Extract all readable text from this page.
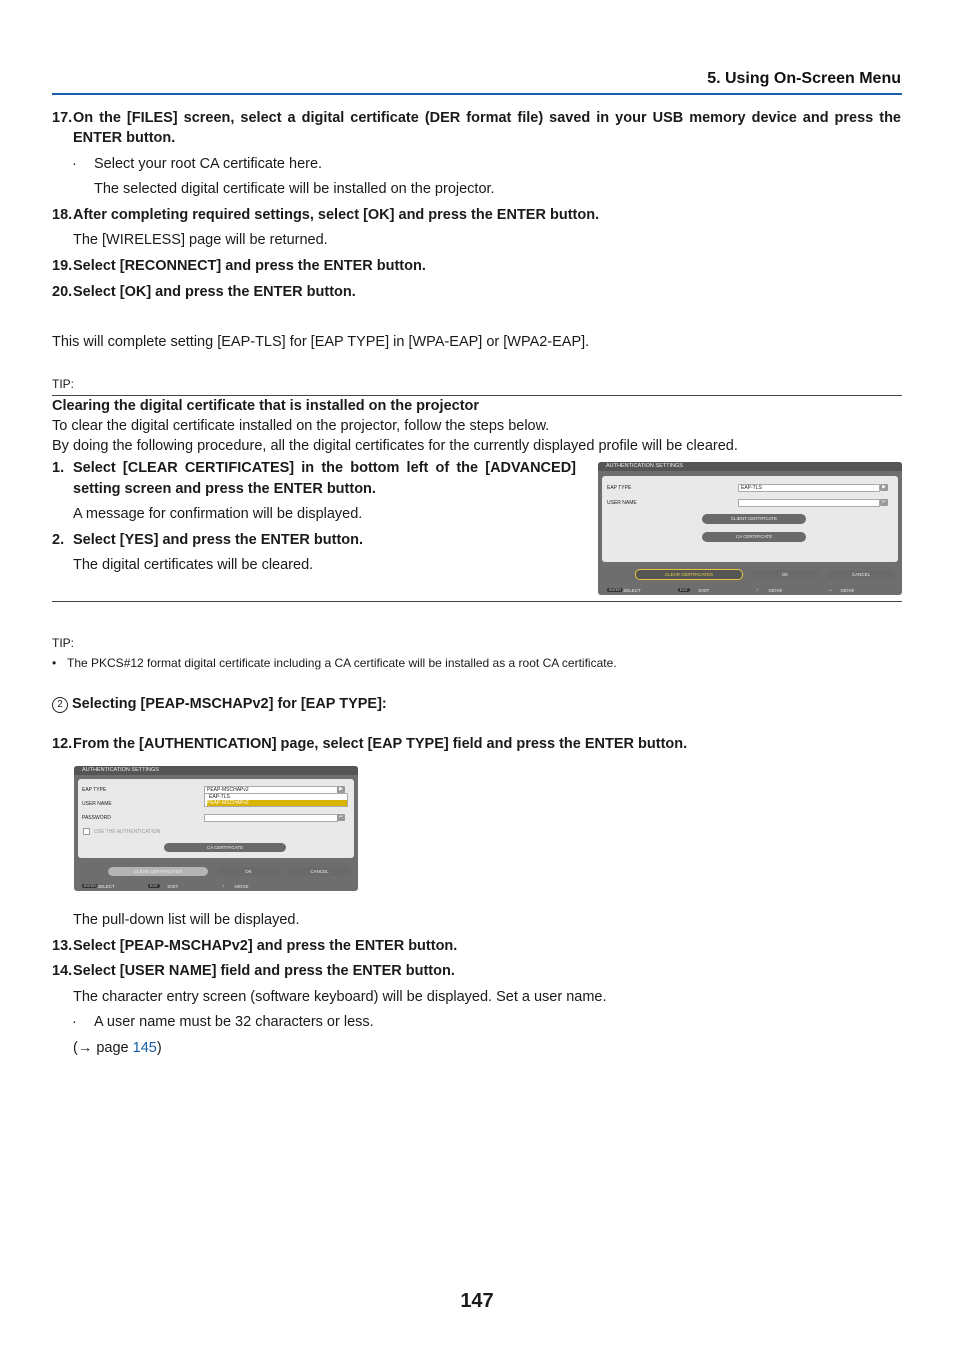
5. Using On-Screen Menu
17. On the [FILES] screen, select a digital certificate (DER format file) saved in your USB memory device and press the
ENTER button.
· Select your root CA certificate here.
The selected digital certificate will be installed on the projector.
18. After completing required settings, select [OK] and press the ENTER button.
The [WIRELESS] page will be returned.
19. Select [RECONNECT] and press the ENTER button.
20. Select [OK] and press the ENTER button.
This will complete setting [EAP-TLS] for [EAP TYPE] in [WPA-EAP] or [WPA2-EAP].
TIP:
Clearing the digital certificate that is installed on the projector
To clear the digital certificate installed on the projector, follow the steps below.
By doing the following procedure, all the digital certificates for the currently displayed profile will be cleared.
1. Select [CLEAR CERTIFICATES] in the bottom left of the [ADVANCED]
setting screen and press the ENTER button.
A message for confirmation will be displayed.
2. Select [YES] and press the ENTER button.
The digital certificates will be cleared.
AUTHENTICATION SETTINGS
EAP TYPE	EAP-TLS	▶
USER NAME	↵
CLIENT CERTIFICATE
CA CERTIFICATE
CLEAR CERTIFICATES	OK	CANCEL
ENTER :SELECT	EXIT	:EXIT	↕ :MOVE	↔ :MOVE
TIP:
• The PKCS#12 format digital certificate including a CA certificate will be installed as a root CA certificate.
2 Selecting [PEAP-MSCHAPv2] for [EAP TYPE]:
12. From the [AUTHENTICATION] page, select [EAP TYPE] field and press the ENTER button.
AUTHENTICATION SETTINGS
EAP TYPE	PEAP-MSCHAPv2	▶
EAP-TLS
PEAP-MSCHAPv2
USER NAME
PASSWORD	↵
USE THE AUTHENTICATION
CA CERTIFICATE
CLEAR CERTIFICATES	OK	CANCEL
ENTER :SELECT	EXIT	:EXIT	↕ :MOVE
The pull-down list will be displayed.
13. Select [PEAP-MSCHAPv2] and press the ENTER button.
14. Select [USER NAME] field and press the ENTER button.
The character entry screen (software keyboard) will be displayed. Set a user name.
· A user name must be 32 characters or less.
(→ page 145)
147
